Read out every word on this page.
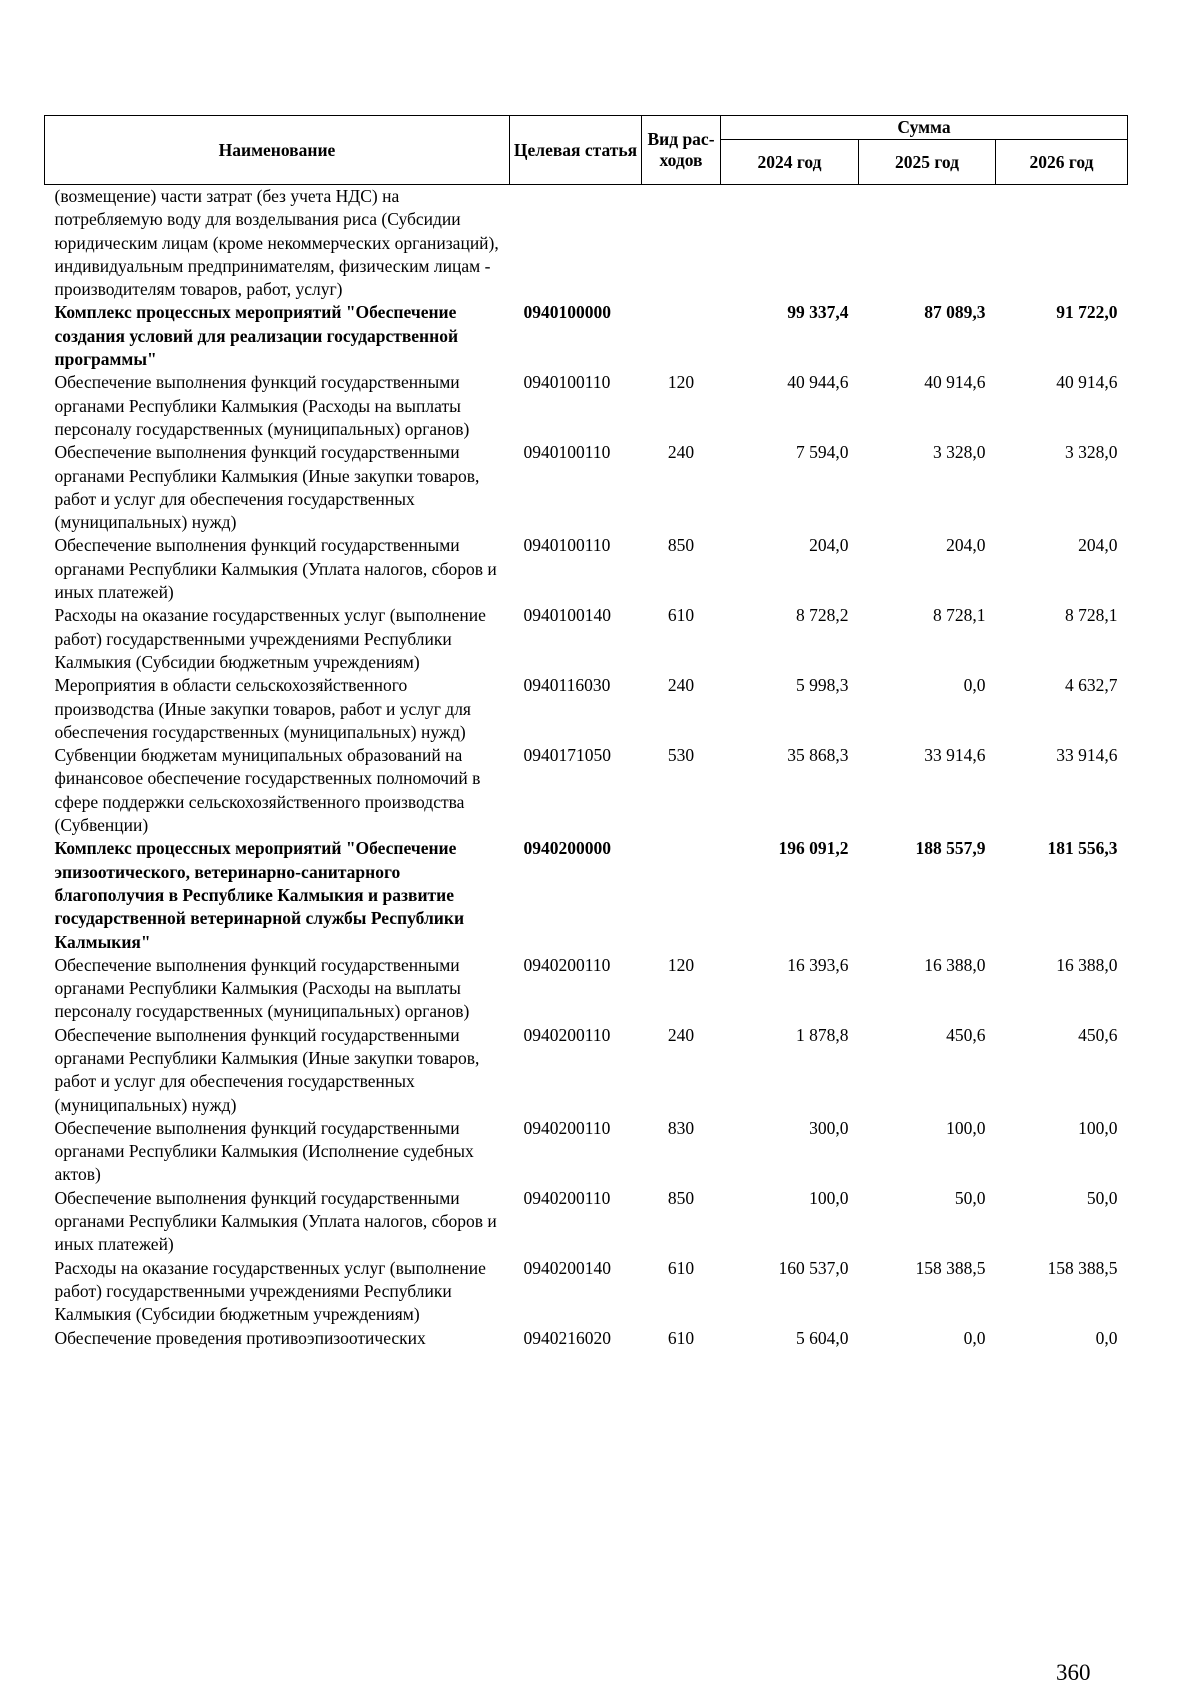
Наименование	Целевая статья	Вид рас-ходов	Сумма		
			2024 год	2025 год	2026 год
(возмещение) части затрат (без учета НДС) на потребляемую воду для возделывания риса (Субсидии юридическим лицам (кроме некоммерческих организаций), индивидуальным предпринимателям, физическим лицам - производителям товаров, работ, услуг)					
Комплекс процессных мероприятий "Обеспечение создания условий для реализации государственной программы"	0940100000		99 337,4	87 089,3	91 722,0
Обеспечение выполнения функций государственными органами Республики Калмыкия (Расходы на выплаты персоналу государственных (муниципальных) органов)	0940100110	120	40 944,6	40 914,6	40 914,6
Обеспечение выполнения функций государственными органами Республики Калмыкия (Иные закупки товаров, работ и услуг для обеспечения государственных (муниципальных) нужд)	0940100110	240	7 594,0	3 328,0	3 328,0
Обеспечение выполнения функций государственными органами Республики Калмыкия (Уплата налогов, сборов и иных платежей)	0940100110	850	204,0	204,0	204,0
Расходы на оказание государственных услуг (выполнение работ) государственными учреждениями Республики Калмыкия (Субсидии бюджетным учреждениям)	0940100140	610	8 728,2	8 728,1	8 728,1
Мероприятия в области сельскохозяйственного производства (Иные закупки товаров, работ и услуг для обеспечения государственных (муниципальных) нужд)	0940116030	240	5 998,3	0,0	4 632,7
Субвенции бюджетам муниципальных образований на финансовое обеспечение государственных полномочий в сфере поддержки сельскохозяйственного производства (Субвенции)	0940171050	530	35 868,3	33 914,6	33 914,6
Комплекс процессных мероприятий "Обеспечение эпизоотического, ветеринарно-санитарного благополучия в Республике Калмыкия и развитие государственной ветеринарной службы Республики Калмыкия"	0940200000		196 091,2	188 557,9	181 556,3
Обеспечение выполнения функций государственными органами Республики Калмыкия (Расходы на выплаты персоналу государственных (муниципальных) органов)	0940200110	120	16 393,6	16 388,0	16 388,0
Обеспечение выполнения функций государственными органами Республики Калмыкия (Иные закупки товаров, работ и услуг для обеспечения государственных (муниципальных) нужд)	0940200110	240	1 878,8	450,6	450,6
Обеспечение выполнения функций государственными органами Республики Калмыкия (Исполнение судебных актов)	0940200110	830	300,0	100,0	100,0
Обеспечение выполнения функций государственными органами Республики Калмыкия (Уплата налогов, сборов и иных платежей)	0940200110	850	100,0	50,0	50,0
Расходы на оказание государственных услуг (выполнение работ) государственными учреждениями Республики Калмыкия (Субсидии бюджетным учреждениям)	0940200140	610	160 537,0	158 388,5	158 388,5
Обеспечение проведения противоэпизоотических	0940216020	610	5 604,0	0,0	0,0
360
